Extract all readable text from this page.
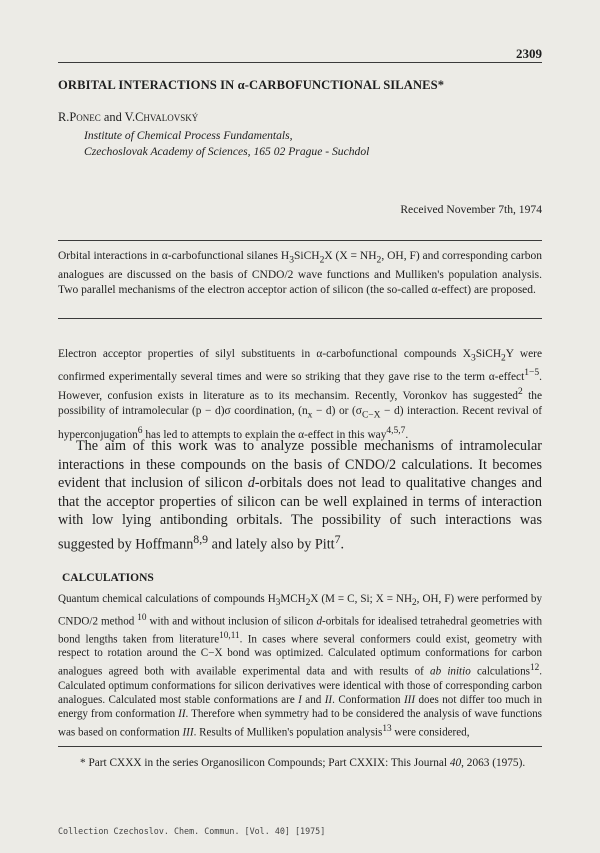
2309
ORBITAL INTERACTIONS IN α-CARBOFUNCTIONAL SILANES*
R.Ponec and V.Chvalovský
Institute of Chemical Process Fundamentals,
Czechoslovak Academy of Sciences, 165 02 Prague - Suchdol
Received November 7th, 1974

Orbital interactions in α-carbofunctional silanes $H_3SiCH_2X$ ($X = NH_2$, OH, F) and corresponding carbon analogues are discussed on the basis of CNDO/2 wave functions and Mulliken's population analysis. Two parallel mechanisms of the electron acceptor action of silicon (the so-called α-effect) are proposed.

Electron acceptor properties of silyl substituents in α-carbofunctional compounds $X_3SiCH_2Y$ were confirmed experimentally several times and were so striking that they gave rise to the term α-effect$^{1-5}$. However, confusion exists in literature as to its mechansim. Recently, Voronkov has suggested$^2$ the possibility of intramolecular (p − d)σ coordination, $(n_x - d)$ or $(\sigma_{C-X} - d)$ interaction. Recent revival of hyperconjugation$^6$ has led to attempts to explain the α-effect in this way$^{4,5,7}$.

The aim of this work was to analyze possible mechanisms of intramolecular interactions in these compounds on the basis of CNDO/2 calculations. It becomes evident that inclusion of silicon d-orbitals does not lead to qualitative changes and that the acceptor properties of silicon can be well explained in terms of interaction with low lying antibonding orbitals. The possibility of such interactions was suggested by Hoffmann$^{8,9}$ and lately also by Pitt$^7$.

CALCULATIONS

Quantum chemical calculations of compounds $H_3MCH_2X$ (M = C, Si; $X = NH_2$, OH, F) were performed by CNDO/2 method $^{10}$ with and without inclusion of silicon d-orbitals for idealised tetrahedral geometries with bond lengths taken from literature$^{10,11}$. In cases where several conformers could exist, geometry with respect to rotation around the C−X bond was optimized. Calculated optimum conformations for carbon analogues agreed both with available experimental data and with results of ab initio calculations$^{12}$. Calculated optimum conformations for silicon derivatives were identical with those of corresponding carbon analogues. Calculated most stable conformations are I and II. Conformation III does not differ too much in energy from conformation II. Therefore when symmetry had to be considered the analysis of wave functions was based on conformation III. Results of Mulliken's population analysis$^{13}$ were considered,

* Part CXXX in the series Organosilicon Compounds; Part CXXIX: This Journal 40, 2063 (1975).

Collection Czechoslov. Chem. Commun. [Vol. 40] [1975]
